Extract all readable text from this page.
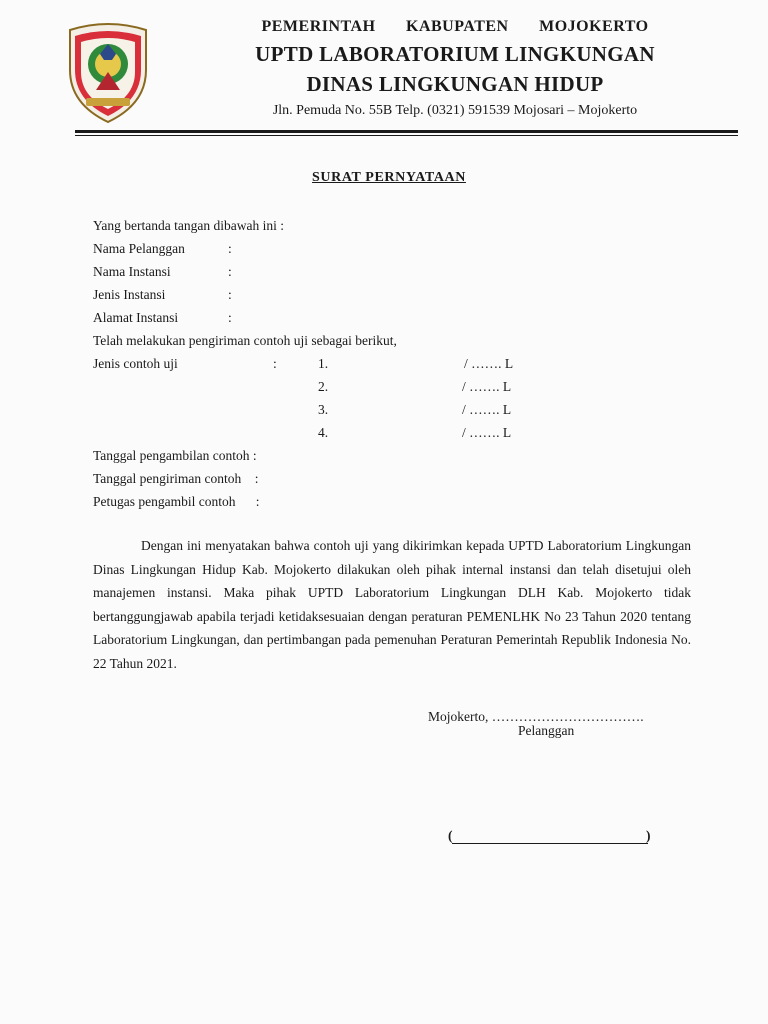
PEMERINTAH KABUPATEN MOJOKERTO
UPTD LABORATORIUM LINGKUNGAN
DINAS LINGKUNGAN HIDUP
Jln. Pemuda No. 55B Telp. (0321) 591539 Mojosari – Mojokerto
SURAT PERNYATAAN
Yang bertanda tangan dibawah ini :
Nama Pelanggan	:
Nama Instansi	:
Jenis Instansi	:
Alamat Instansi	:
Telah melakukan pengiriman contoh uji sebagai berikut,
Jenis contoh uji	:	1.	/ ……. L
2.	/ ……. L
3.	/ ……. L
4.	/ ……. L
Tanggal pengambilan contoh :
Tanggal pengiriman contoh    :
Petugas pengambil contoh      :
Dengan ini menyatakan bahwa contoh uji yang dikirimkan kepada UPTD Laboratorium Lingkungan Dinas Lingkungan Hidup Kab. Mojokerto dilakukan oleh pihak internal instansi dan telah disetujui oleh manajemen instansi. Maka pihak UPTD Laboratorium Lingkungan DLH Kab. Mojokerto tidak bertanggungjawab apabila terjadi ketidaksesuaian dengan peraturan PEMENLHK No 23 Tahun 2020 tentang Laboratorium Lingkungan, dan pertimbangan pada pemenuhan Peraturan Pemerintah Republik Indonesia No. 22 Tahun 2021.
Mojokerto, …………………………….
Pelanggan
(	)
